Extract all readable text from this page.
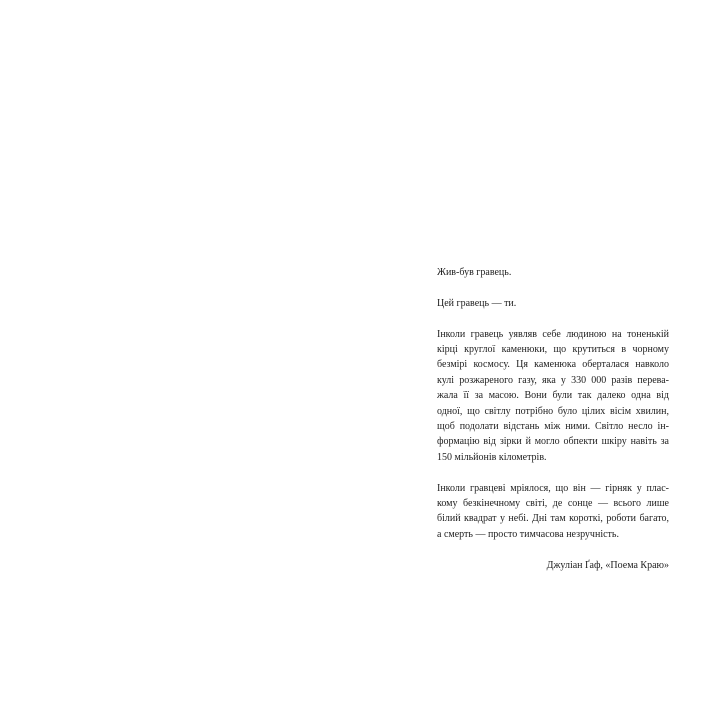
Жив-був гравець.
Цей гравець — ти.
Інколи гравець уявляв себе людиною на тоненькій
кірці круглої каменюки, що крутиться в чорному
безмірі космосу. Ця каменюка оберталася навколо
кулі розжареного газу, яка у 330 000 разів перева-
жала її за масою. Вони були так далеко одна від
одної, що світлу потрібно було цілих вісім хвилин,
щоб подолати відстань між ними. Світло несло ін-
формацію від зірки й могло обпекти шкіру навіть за
150 мільйонів кілометрів.
Інколи гравцеві мріялося, що він — гірняк у плас-
кому безкінечному світі, де сонце — всього лише
білий квадрат у небі. Дні там короткі, роботи багато,
а смерть — просто тимчасова незручність.
Джуліан Ґаф, «Поема Краю»
